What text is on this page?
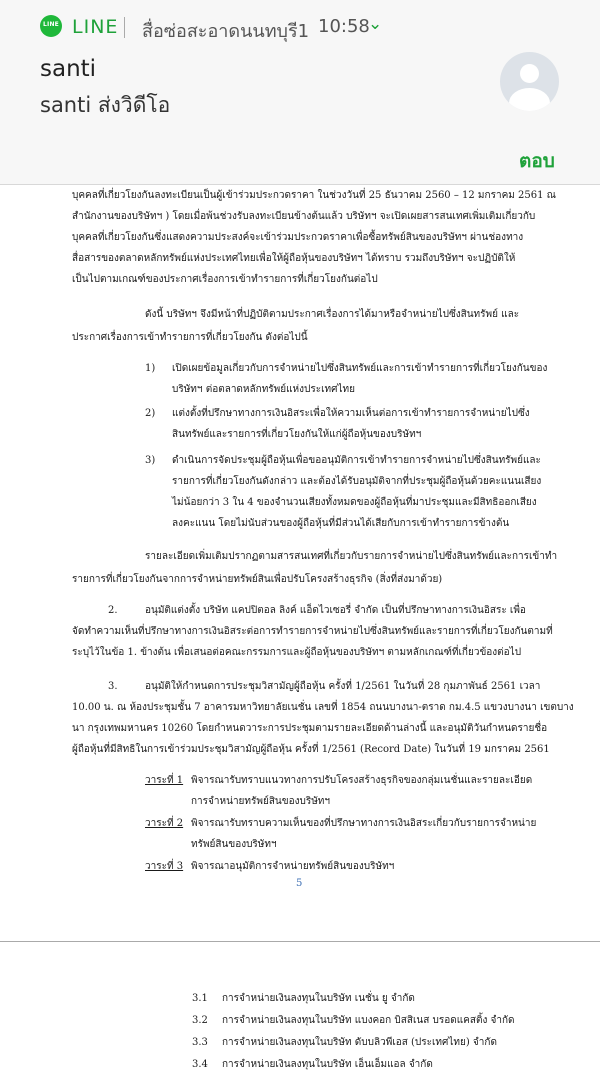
LINE LINE สื่อซ่อสะอาดนนทบุรี1 10:58
⌄
santi
santi ส่งวิดีโอ
ตอบ
บุคคลที่เกี่ยวโยงกันลงทะเบียนเป็นผู้เข้าร่วมประกวดราคา ในช่วงวันที่ 25 ธันวาคม 2560 – 12 มกราคม 2561 ณ
สำนักงานของบริษัทฯ ) โดยเมื่อพ้นช่วงรับลงทะเบียนข้างต้นแล้ว บริษัทฯ จะเปิดเผยสารสนเทศเพิ่มเติมเกี่ยวกับ
บุคคลที่เกี่ยวโยงกันซึ่งแสดงความประสงค์จะเข้าร่วมประกวดราคาเพื่อซื้อทรัพย์สินของบริษัทฯ ผ่านช่องทาง
สื่อสารของตลาดหลักทรัพย์แห่งประเทศไทยเพื่อให้ผู้ถือหุ้นของบริษัทฯ ได้ทราบ รวมถึงบริษัทฯ จะปฏิบัติให้
เป็นไปตามเกณฑ์ของประกาศเรื่องการเข้าทำรายการที่เกี่ยวโยงกันต่อไป
ดังนี้ บริษัทฯ จึงมีหน้าที่ปฏิบัติตามประกาศเรื่องการได้มาหรือจำหน่ายไปซึ่งสินทรัพย์ และ
ประกาศเรื่องการเข้าทำรายการที่เกี่ยวโยงกัน ดังต่อไปนี้
1) เปิดเผยข้อมูลเกี่ยวกับการจำหน่ายไปซึ่งสินทรัพย์และการเข้าทำรายการที่เกี่ยวโยงกันของ
บริษัทฯ ต่อตลาดหลักทรัพย์แห่งประเทศไทย
2) แต่งตั้งที่ปรึกษาทางการเงินอิสระเพื่อให้ความเห็นต่อการเข้าทำรายการจำหน่ายไปซึ่ง
สินทรัพย์และรายการที่เกี่ยวโยงกันให้แก่ผู้ถือหุ้นของบริษัทฯ
3) ดำเนินการจัดประชุมผู้ถือหุ้นเพื่อขออนุมัติการเข้าทำรายการจำหน่ายไปซึ่งสินทรัพย์และ
รายการที่เกี่ยวโยงกันดังกล่าว และต้องได้รับอนุมัติจากที่ประชุมผู้ถือหุ้นด้วยคะแนนเสียง
ไม่น้อยกว่า 3 ใน 4 ของจำนวนเสียงทั้งหมดของผู้ถือหุ้นที่มาประชุมและมีสิทธิออกเสียง
ลงคะแนน โดยไม่นับส่วนของผู้ถือหุ้นที่มีส่วนได้เสียกับการเข้าทำรายการข้างต้น
รายละเอียดเพิ่มเติมปรากฏตามสารสนเทศที่เกี่ยวกับรายการจำหน่ายไปซึ่งสินทรัพย์และการเข้าทำ
รายการที่เกี่ยวโยงกันจากการจำหน่ายทรัพย์สินเพื่อปรับโครงสร้างธุรกิจ (สิ่งที่ส่งมาด้วย)
2.	อนุมัติแต่งตั้ง บริษัท แคปปิตอล ลิงค์ แอ็ดไวเซอรี่ จำกัด เป็นที่ปรึกษาทางการเงินอิสระ เพื่อ
จัดทำความเห็นที่ปรึกษาทางการเงินอิสระต่อการทำรายการจำหน่ายไปซึ่งสินทรัพย์และรายการที่เกี่ยวโยงกันตามที่
ระบุไว้ในข้อ 1. ข้างต้น เพื่อเสนอต่อคณะกรรมการและผู้ถือหุ้นของบริษัทฯ ตามหลักเกณฑ์ที่เกี่ยวข้องต่อไป
3.	อนุมัติให้กำหนดการประชุมวิสามัญผู้ถือหุ้น ครั้งที่ 1/2561 ในวันที่ 28 กุมภาพันธ์ 2561 เวลา
10.00 น. ณ ห้องประชุมชั้น 7 อาคารมหาวิทยาลัยเนชั่น เลขที่ 1854 ถนนบางนา-ตราด กม.4.5 แขวงบางนา เขตบาง
นา กรุงเทพมหานคร 10260 โดยกำหนดวาระการประชุมตามรายละเอียดด้านล่างนี้ และอนุมัติวันกำหนดรายชื่อ
ผู้ถือหุ้นที่มีสิทธิในการเข้าร่วมประชุมวิสามัญผู้ถือหุ้น ครั้งที่ 1/2561 (Record Date) ในวันที่ 19 มกราคม 2561
วาระที่ 1 พิจารณารับทราบแนวทางการปรับโครงสร้างธุรกิจของกลุ่มเนชั่นและรายละเอียด
การจำหน่ายทรัพย์สินของบริษัทฯ
วาระที่ 2 พิจารณารับทราบความเห็นของที่ปรึกษาทางการเงินอิสระเกี่ยวกับรายการจำหน่าย
ทรัพย์สินของบริษัทฯ
วาระที่ 3 พิจารณาอนุมัติการจำหน่ายทรัพย์สินของบริษัทฯ
5
3.1 การจำหน่ายเงินลงทุนในบริษัท เนชั่น ยู จำกัด
3.2 การจำหน่ายเงินลงทุนในบริษัท แบงคอก บิสสิเนส บรอดแคสติ้ง จำกัด
3.3 การจำหน่ายเงินลงทุนในบริษัท ดับบลิวพีเอส (ประเทศไทย) จำกัด
3.4 การจำหน่ายเงินลงทุนในบริษัท เอ็นเอ็มแอล จำกัด
